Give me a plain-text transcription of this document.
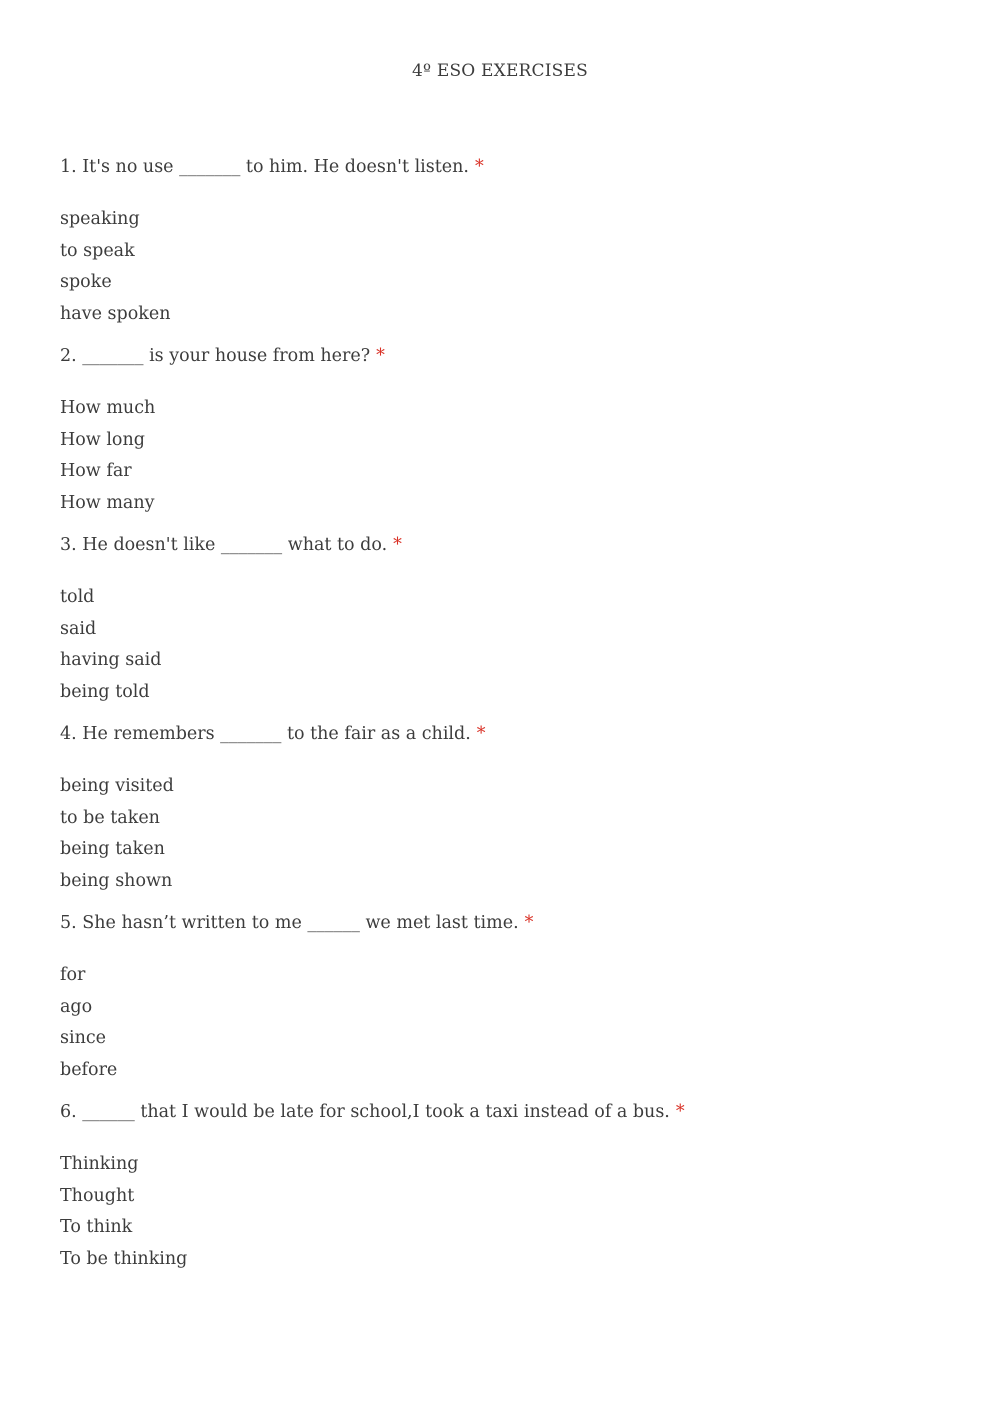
4º ESO EXERCISES

1. It's no use _______ to him. He doesn't listen. *

speaking
to speak
spoke
have spoken

2. _______ is your house from here? *

How much
How long
How far
How many

3. He doesn't like _______ what to do. *

told
said
having said
being told

4. He remembers _______ to the fair as a child. *

being visited
to be taken
being taken
being shown

5. She hasn’t written to me ______ we met last time. *

for
ago
since
before

6. ______ that I would be late for school,I took a taxi instead of a bus. *

Thinking
Thought
To think
To be thinking
